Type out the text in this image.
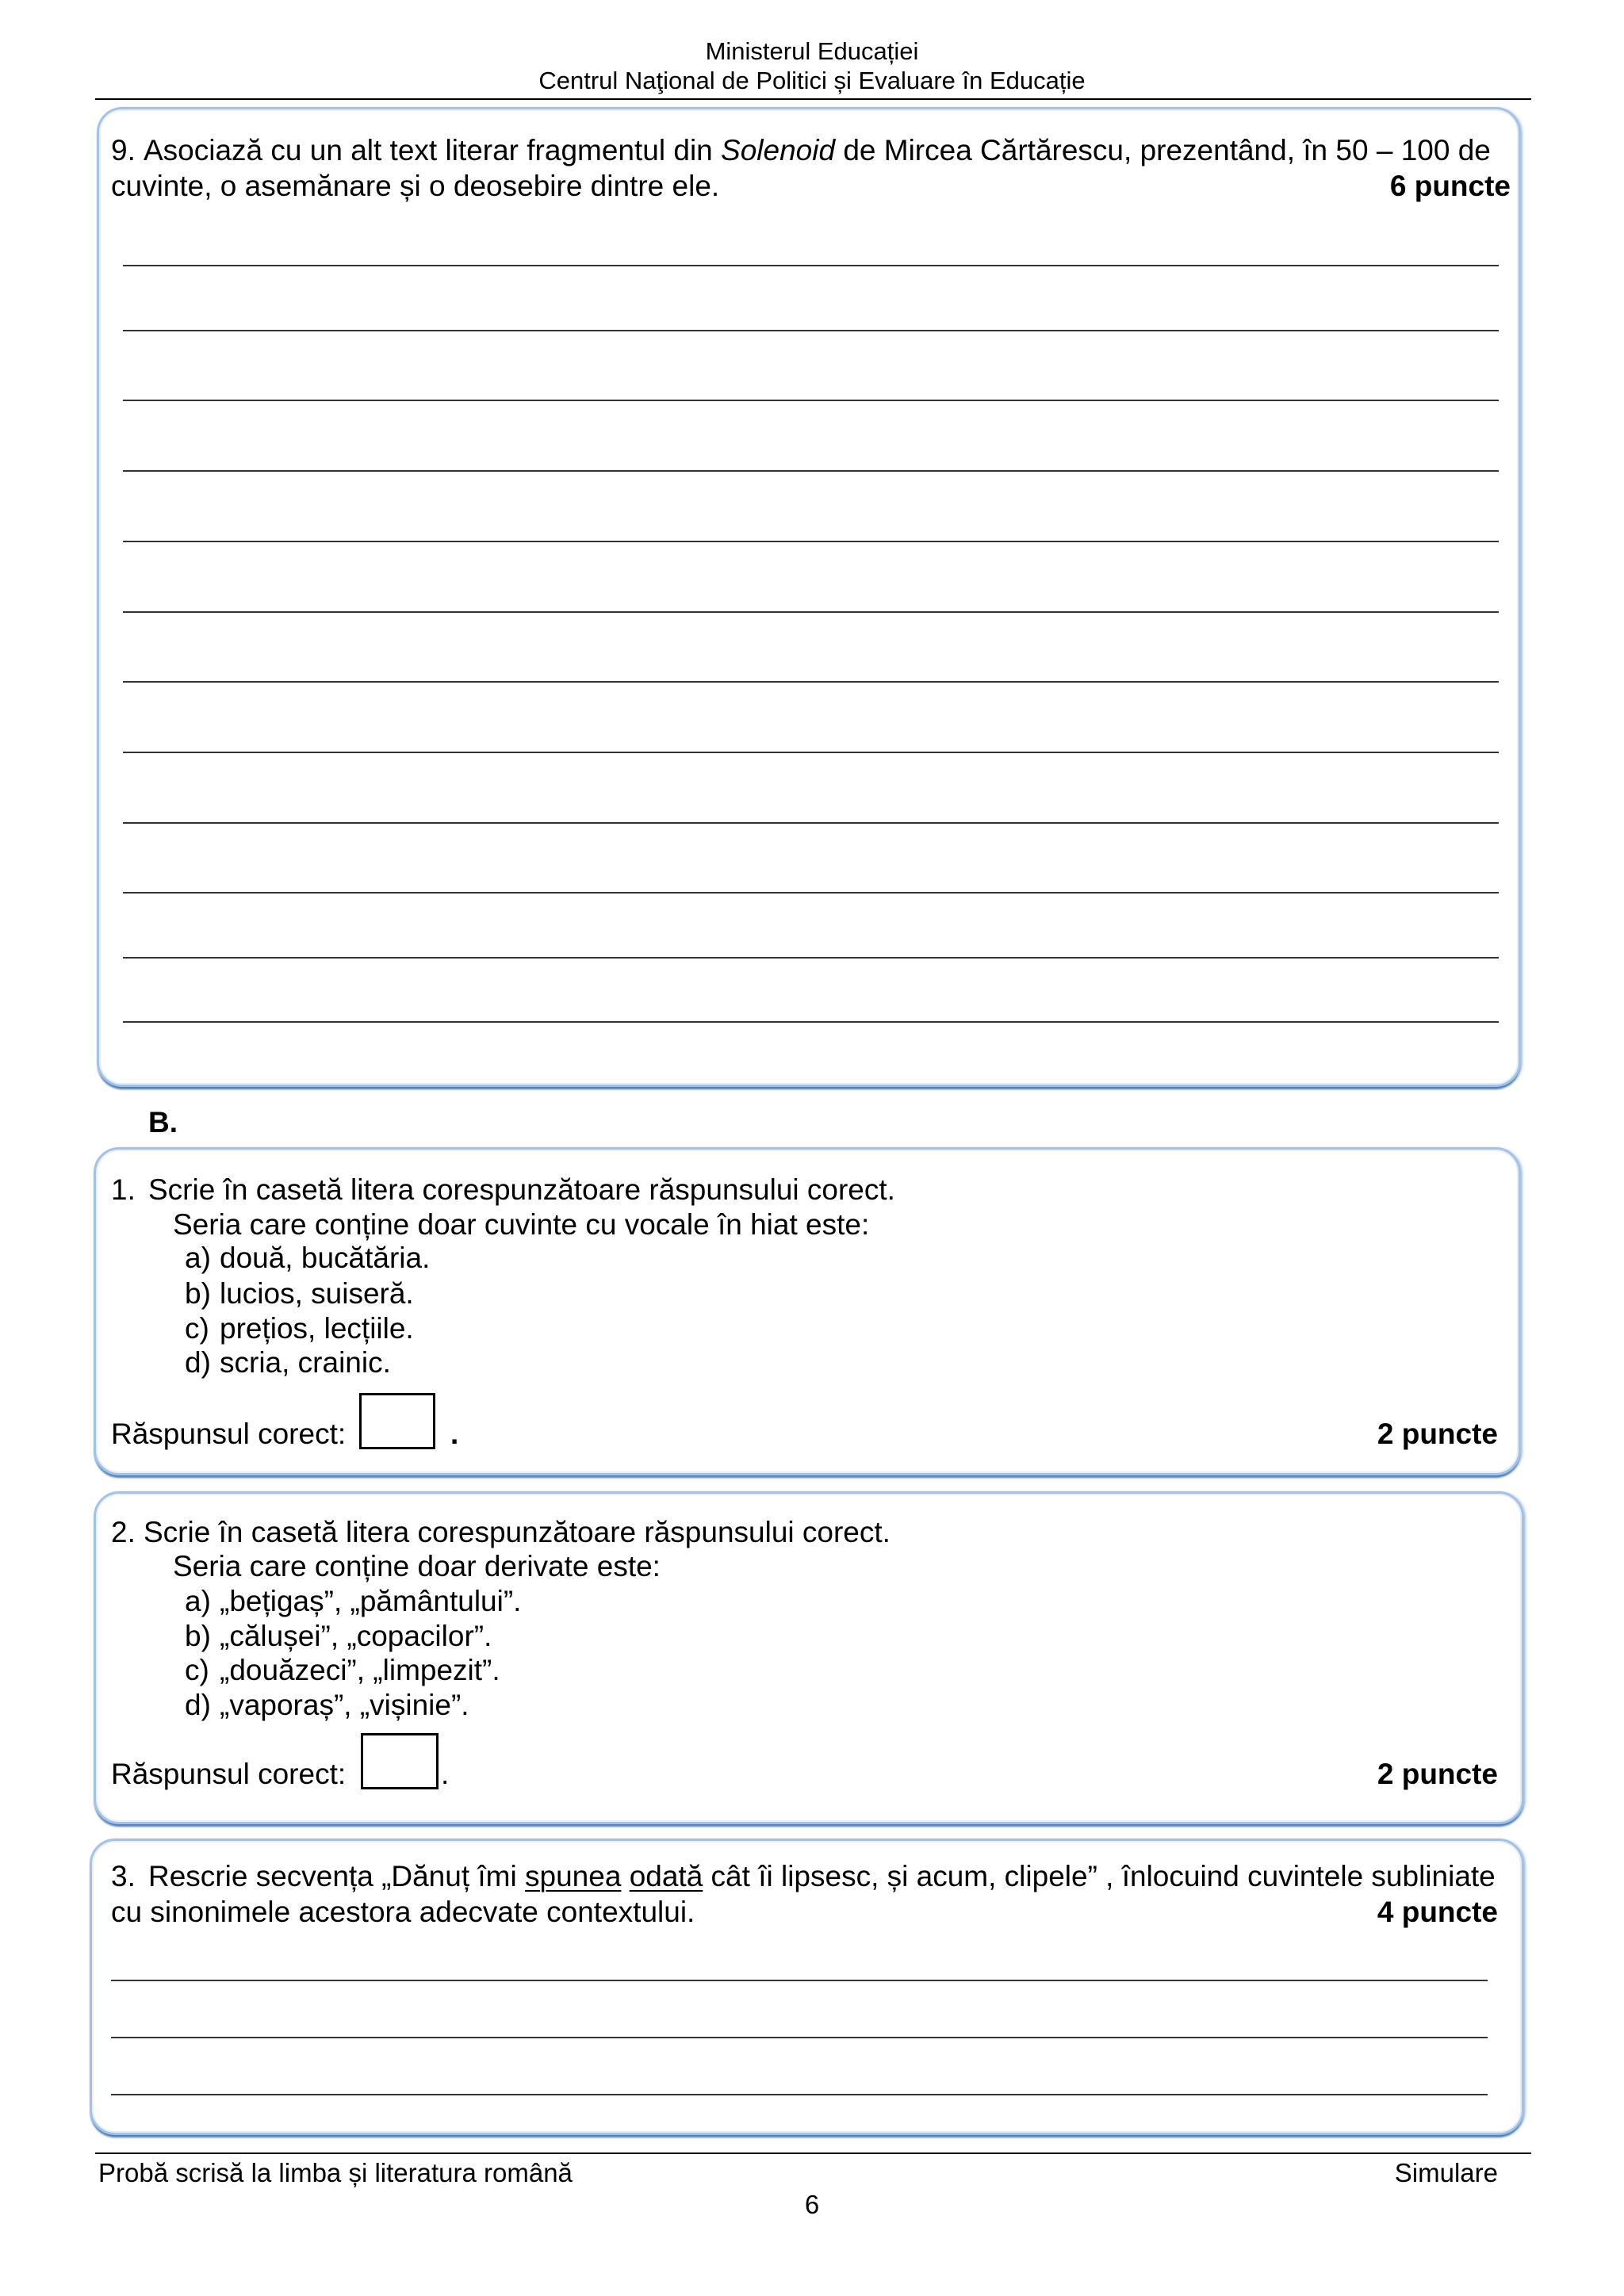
Ministerul Educației
Centrul Naţional de Politici și Evaluare în Educație
9. Asociază cu un alt text literar fragmentul din Solenoid de Mircea Cărtărescu, prezentând, în 50 – 100 de
cuvinte, o asemănare și o deosebire dintre ele.	6 puncte
B.
1. Scrie în casetă litera corespunzătoare răspunsului corect.
Seria care conține doar cuvinte cu vocale în hiat este:
a) două, bucătăria.
b) lucios, suiseră.
c) prețios, lecțiile.
d) scria, crainic.
Răspunsul corect:	.	2 puncte
2. Scrie în casetă litera corespunzătoare răspunsului corect.
Seria care conține doar derivate este:
a) „bețigaș”, „pământului”.
b) „călușei”, „copacilor”.
c) „douăzeci”, „limpezit”.
d) „vaporaș”, „vișinie”.
Răspunsul corect:	.	2 puncte
3. Rescrie secvența „Dănuț îmi spunea odată cât îi lipsesc, și acum, clipele” , înlocuind cuvintele subliniate
cu sinonimele acestora adecvate contextului.	4 puncte
Probă scrisă la limba și literatura română	Simulare
6
